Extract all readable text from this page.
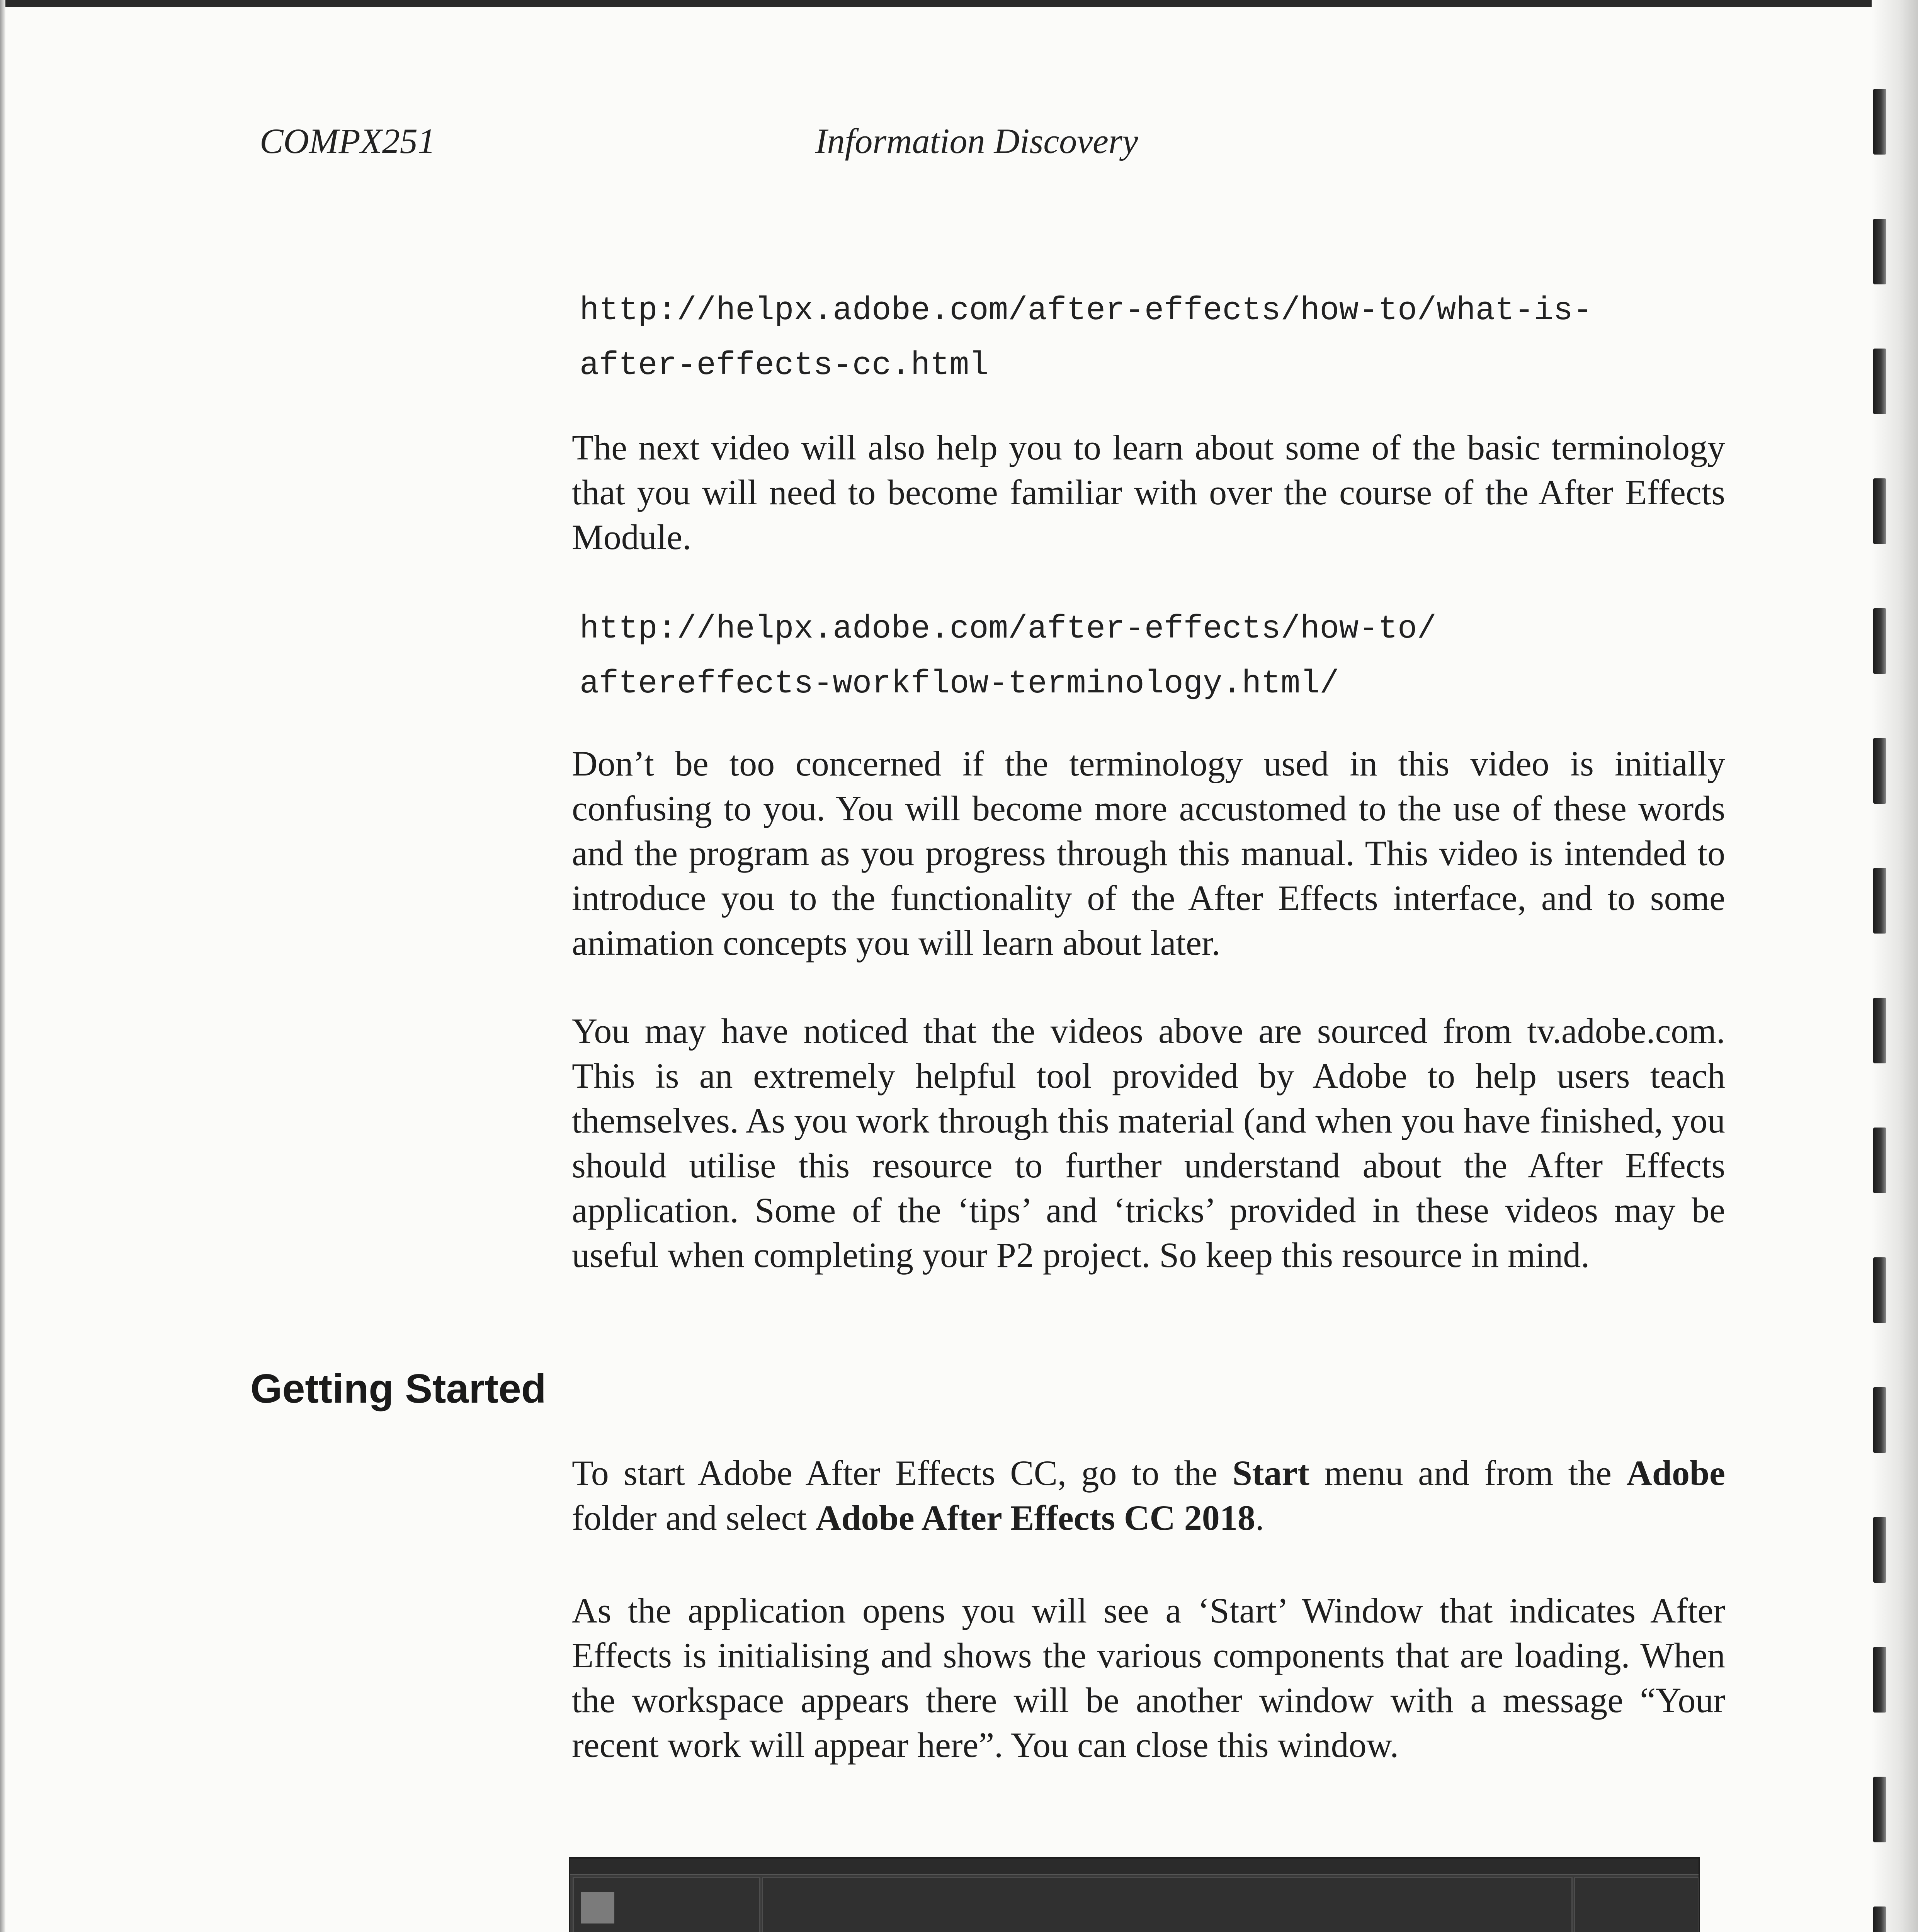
COMPX251	Information Discovery
http://helpx.adobe.com/after-effects/how-to/what-is-
after-effects-cc.html
The next video will also help you to learn about some of the basic terminology that you will need to become familiar with over the course of the After Effects Module.
http://helpx.adobe.com/after-effects/how-to/
aftereffects-workflow-terminology.html/
Don’t be too concerned if the terminology used in this video is initially confusing to you. You will become more accustomed to the use of these words and the program as you progress through this manual. This video is intended to introduce you to the functionality of the After Effects interface, and to some animation concepts you will learn about later.
You may have noticed that the videos above are sourced from tv.adobe.com. This is an extremely helpful tool provided by Adobe to help users teach themselves. As you work through this material (and when you have finished, you should utilise this resource to further understand about the After Effects application. Some of the ‘tips’ and ‘tricks’ provided in these videos may be useful when completing your P2 project. So keep this resource in mind.
Getting Started
To start Adobe After Effects CC, go to the Start menu and from the Adobe folder and select Adobe After Effects CC 2018.
As the application opens you will see a ‘Start’ Window that indicates After Effects is initialising and shows the various components that are loading. When the workspace appears there will be another window with a message “Your recent work will appear here”. You can close this window.
